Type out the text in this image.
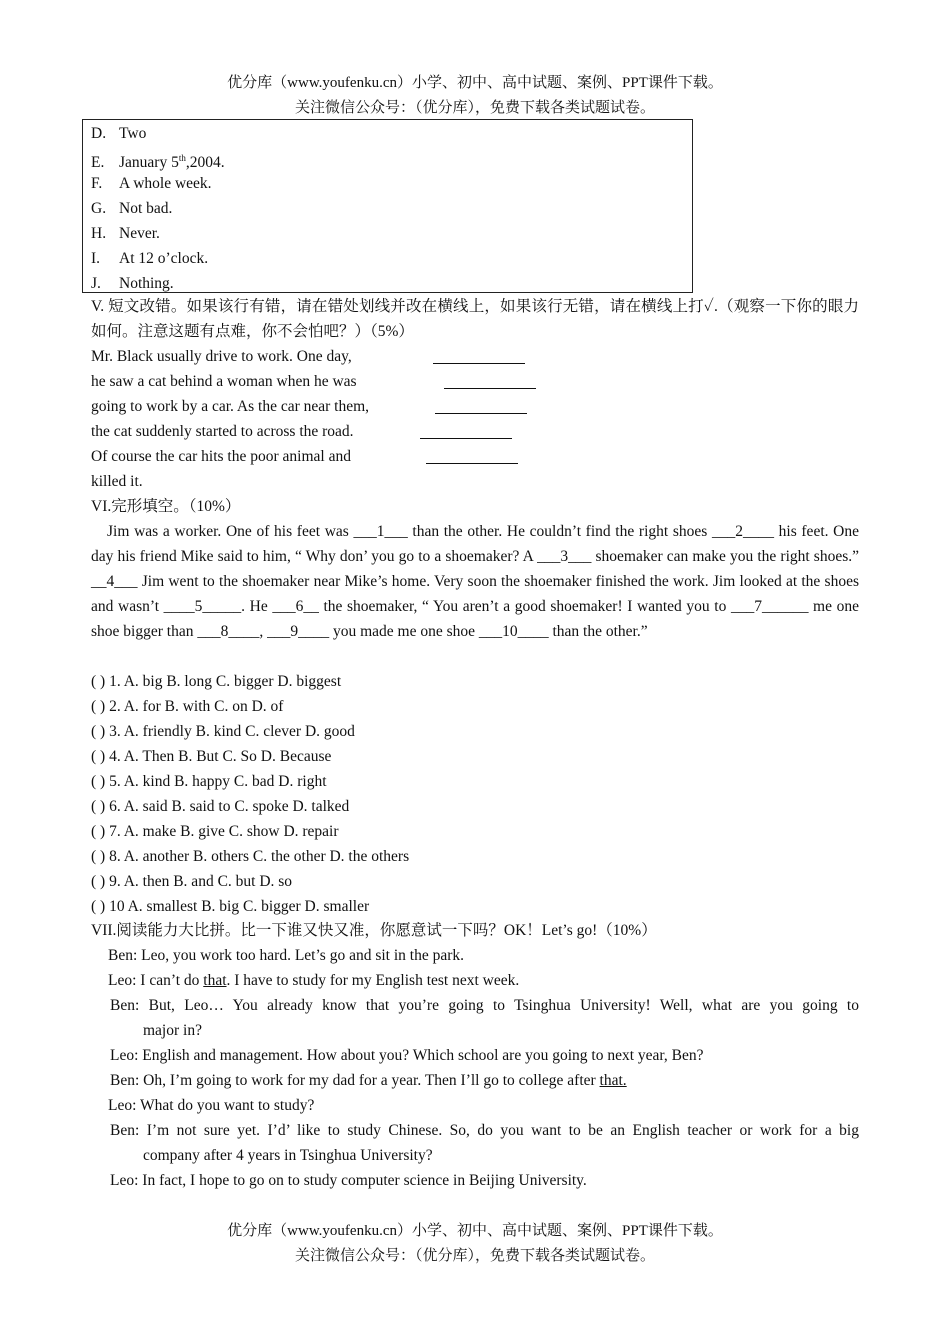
优分库（www.youfenku.cn）小学、初中、高中试题、案例、PPT课件下载。
关注微信公众号：（优分库），免费下载各类试题试卷。
D. Two
E. January 5th,2004.
F. A whole week.
G. Not bad.
H. Never.
I. At 12 o’clock.
J. Nothing.
V. 短文改错。如果该行有错，请在错处划线并改在横线上，如果该行无错，请在横线上打✓.（观察一下你的眼力如何。注意这题有点难，你不会怕吧？）（5%）
Mr. Black usually drive to work. One day,
he saw a cat behind a woman when he was
going to work by a car. As the car near them,
the cat suddenly started to across the road.
Of course the car hits the poor animal and
killed it.
VI.完形填空。（10%）
Jim was a worker. One of his feet was ___1___ than the other. He couldn’t find the right shoes ___2____ his feet. One day his friend Mike said to him, “ Why don’ you go to a shoemaker? A ___3___ shoemaker can make you the right shoes.” __4___ Jim went to the shoemaker near Mike’s home. Very soon the shoemaker finished the work. Jim looked at the shoes and wasn’t ____5_____. He ___6__ the shoemaker, “ You aren’t a good shoemaker! I wanted you to ___7______ me one shoe bigger than ___8____, ___9____ you made me one shoe ___10____ than the other.”
( ) 1. A. big B. long C. bigger D. biggest
( ) 2. A. for B. with C. on D. of
( ) 3. A. friendly B. kind C. clever D. good
( ) 4. A. Then B. But C. So D. Because
( ) 5. A. kind B. happy C. bad D. right
( ) 6. A. said B. said to C. spoke D. talked
( ) 7. A. make B. give C. show D. repair
( ) 8. A. another B. others C. the other D. the others
( ) 9. A. then B. and C. but D. so
( ) 10 A. smallest B. big C. bigger D. smaller
VII.阅读能力大比拼。比一下谁又快又准，你愿意试一下吗？OK！Let’s go!（10%）
Ben: Leo, you work too hard. Let’s go and sit in the park.
Leo: I can’t do that. I have to study for my English test next week.
Ben: But, Leo… You already know that you’re going to Tsinghua University! Well, what are you going to
major in?
Leo: English and management. How about you? Which school are you going to next year, Ben?
Ben: Oh, I’m going to work for my dad for a year. Then I’ll go to college after that.
Leo: What do you want to study?
Ben: I’m not sure yet. I’d’ like to study Chinese. So, do you want to be an English teacher or work for a big
company after 4 years in Tsinghua University?
Leo: In fact, I hope to go on to study computer science in Beijing University.
优分库（www.youfenku.cn）小学、初中、高中试题、案例、PPT课件下载。
关注微信公众号：（优分库），免费下载各类试题试卷。
